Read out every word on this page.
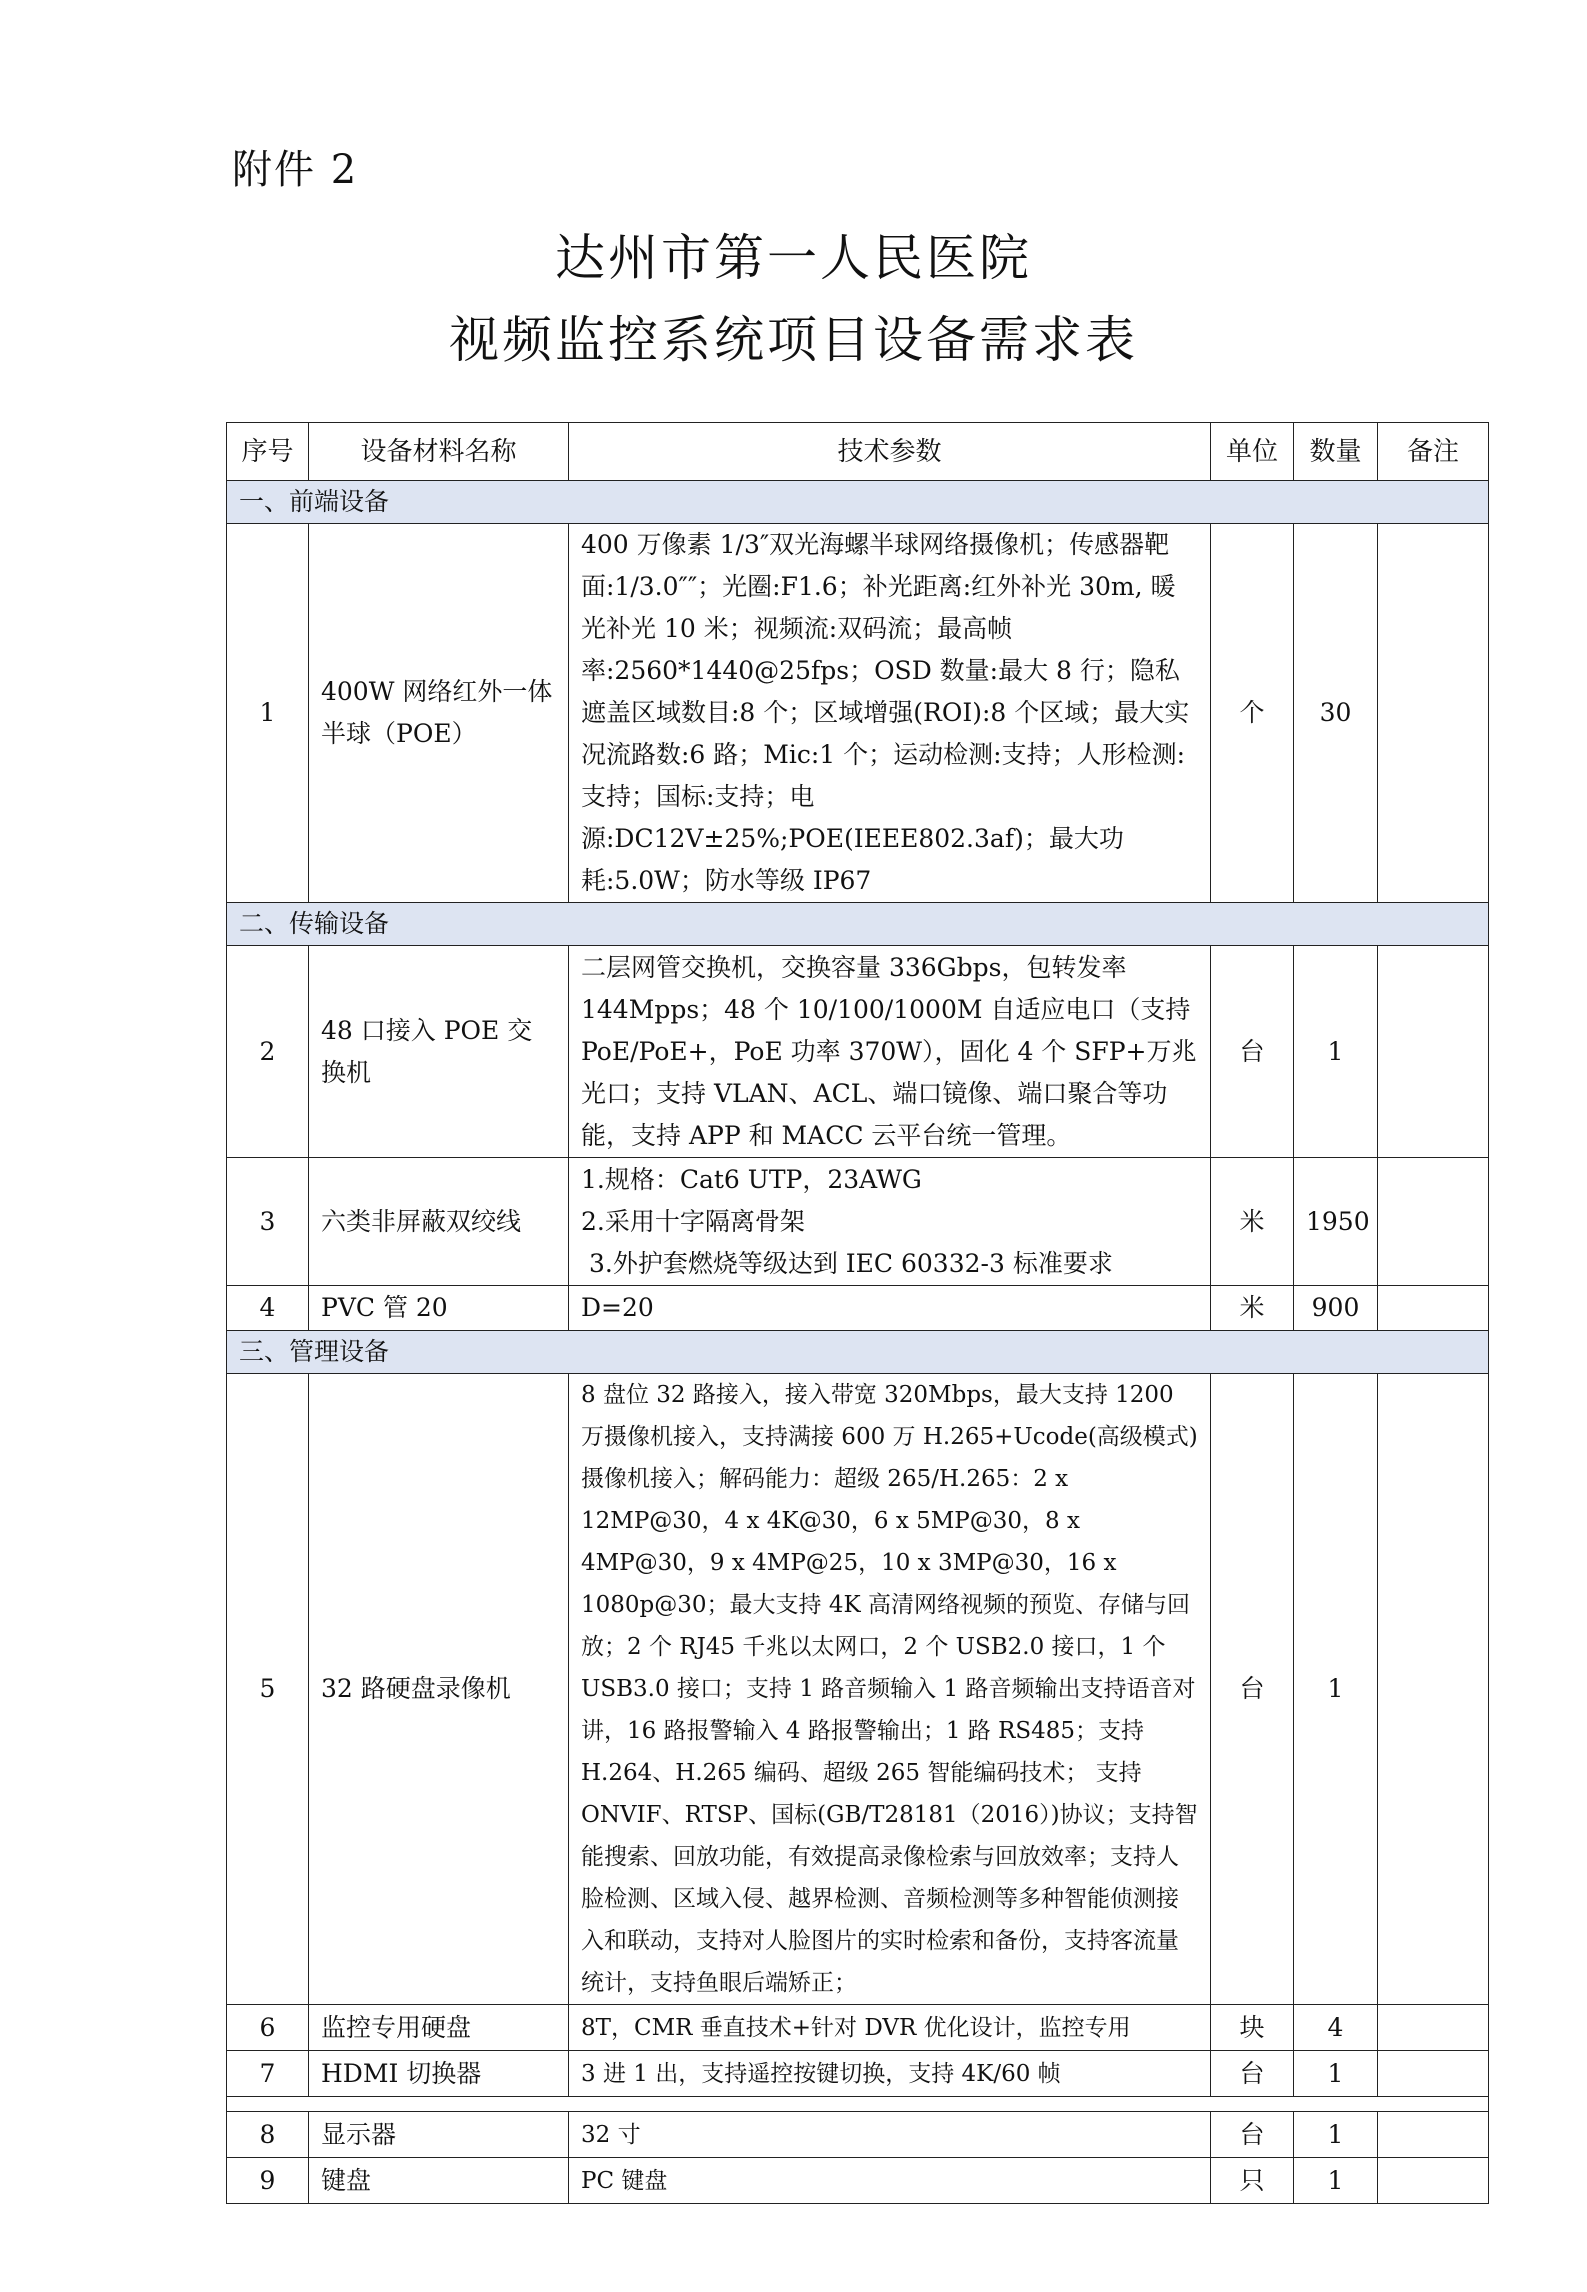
附件 2
达州市第一人民医院
视频监控系统项目设备需求表
序号	设备材料名称	技术参数	单位	数量	备注
一、前端设备					
1	400W 网络红外一体半球（POE）	400 万像素 1/3″双光海螺半球网络摄像机；传感器靶面:1/3.0″″；光圈:F1.6；补光距离:红外补光 30m, 暖光补光 10 米；视频流:双码流；最高帧率:2560*1440@25fps；OSD 数量:最大 8 行；隐私遮盖区域数目:8 个；区域增强(ROI):8 个区域；最大实况流路数:6 路；Mic:1 个；运动检测:支持；人形检测:支持；国标:支持；电源:DC12V±25%;POE(IEEE802.3af)；最大功耗:5.0W；防水等级 IP67	个	30	
二、传输设备					
2	48 口接入 POE 交换机	二层网管交换机，交换容量 336Gbps，包转发率 144Mpps；48 个 10/100/1000M 自适应电口（支持 PoE/PoE+，PoE 功率 370W），固化 4 个 SFP+万兆光口；支持 VLAN、ACL、端口镜像、端口聚合等功能，支持 APP 和 MACC 云平台统一管理。	台	1	
3	六类非屏蔽双绞线	1.规格：Cat6 UTP，23AWG
2.采用十字隔离骨架
3.外护套燃烧等级达到 IEC 60332-3 标准要求	米	1950	
4	PVC 管 20	D=20	米	900	
三、管理设备					
5	32 路硬盘录像机	8 盘位 32 路接入，接入带宽 320Mbps，最大支持 1200 万摄像机接入，支持满接 600 万 H.265+Ucode(高级模式)摄像机接入；解码能力：超级 265/H.265：2 x 12MP@30，4 x 4K@30，6 x 5MP@30，8 x 4MP@30，9 x 4MP@25，10 x 3MP@30，16 x 1080p@30；最大支持 4K 高清网络视频的预览、存储与回放；2 个 RJ45 千兆以太网口，2 个 USB2.0 接口，1 个 USB3.0 接口；支持 1 路音频输入 1 路音频输出支持语音对讲，16 路报警输入 4 路报警输出；1 路 RS485；支持 H.264、H.265 编码、超级 265 智能编码技术； 支持 ONVIF、RTSP、国标(GB/T28181（2016）)协议；支持智能搜索、回放功能，有效提高录像检索与回放效率；支持人脸检测、区域入侵、越界检测、音频检测等多种智能侦测接入和联动，支持对人脸图片的实时检索和备份，支持客流量统计，支持鱼眼后端矫正；	台	1	
6	监控专用硬盘	8T，CMR 垂直技术+针对 DVR 优化设计，监控专用	块	4	
7	HDMI 切换器	3 进 1 出，支持遥控按键切换，支持 4K/60 帧	台	1	

8	显示器	32 寸	台	1	
9	键盘	PC 键盘	只	1	
